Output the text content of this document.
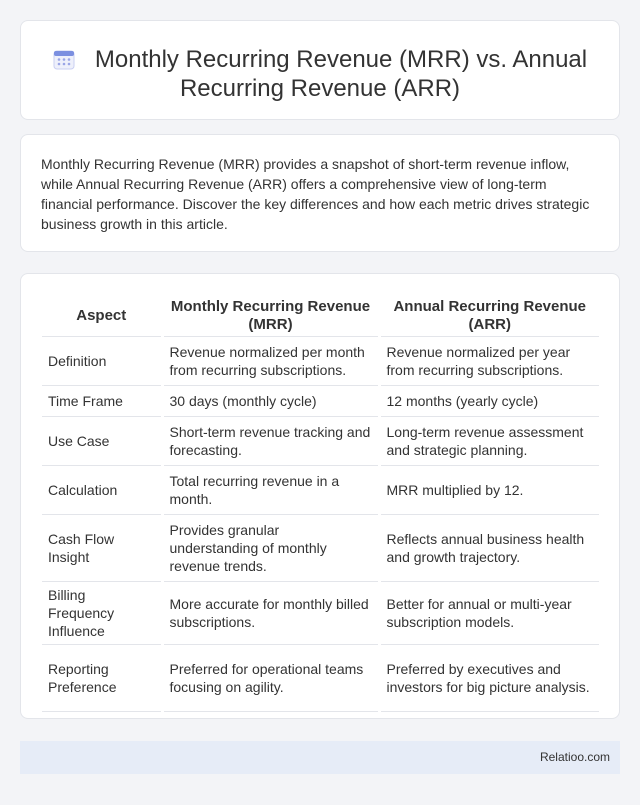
Monthly Recurring Revenue (MRR) vs. Annual Recurring Revenue (ARR)

Monthly Recurring Revenue (MRR) provides a snapshot of short-term revenue inflow, while Annual Recurring Revenue (ARR) offers a comprehensive view of long-term financial performance. Discover the key differences and how each metric drives strategic business growth in this article.

Aspect	Monthly Recurring Revenue (MRR)	Annual Recurring Revenue (ARR)
Definition	Revenue normalized per month from recurring subscriptions.	Revenue normalized per year from recurring subscriptions.
Time Frame	30 days (monthly cycle)	12 months (yearly cycle)
Use Case	Short-term revenue tracking and forecasting.	Long-term revenue assessment and strategic planning.
Calculation	Total recurring revenue in a month.	MRR multiplied by 12.
Cash Flow Insight	Provides granular understanding of monthly revenue trends.	Reflects annual business health and growth trajectory.
Billing Frequency Influence	More accurate for monthly billed subscriptions.	Better for annual or multi-year subscription models.
Reporting Preference	Preferred for operational teams focusing on agility.	Preferred by executives and investors for big picture analysis.
Relatioo.com
